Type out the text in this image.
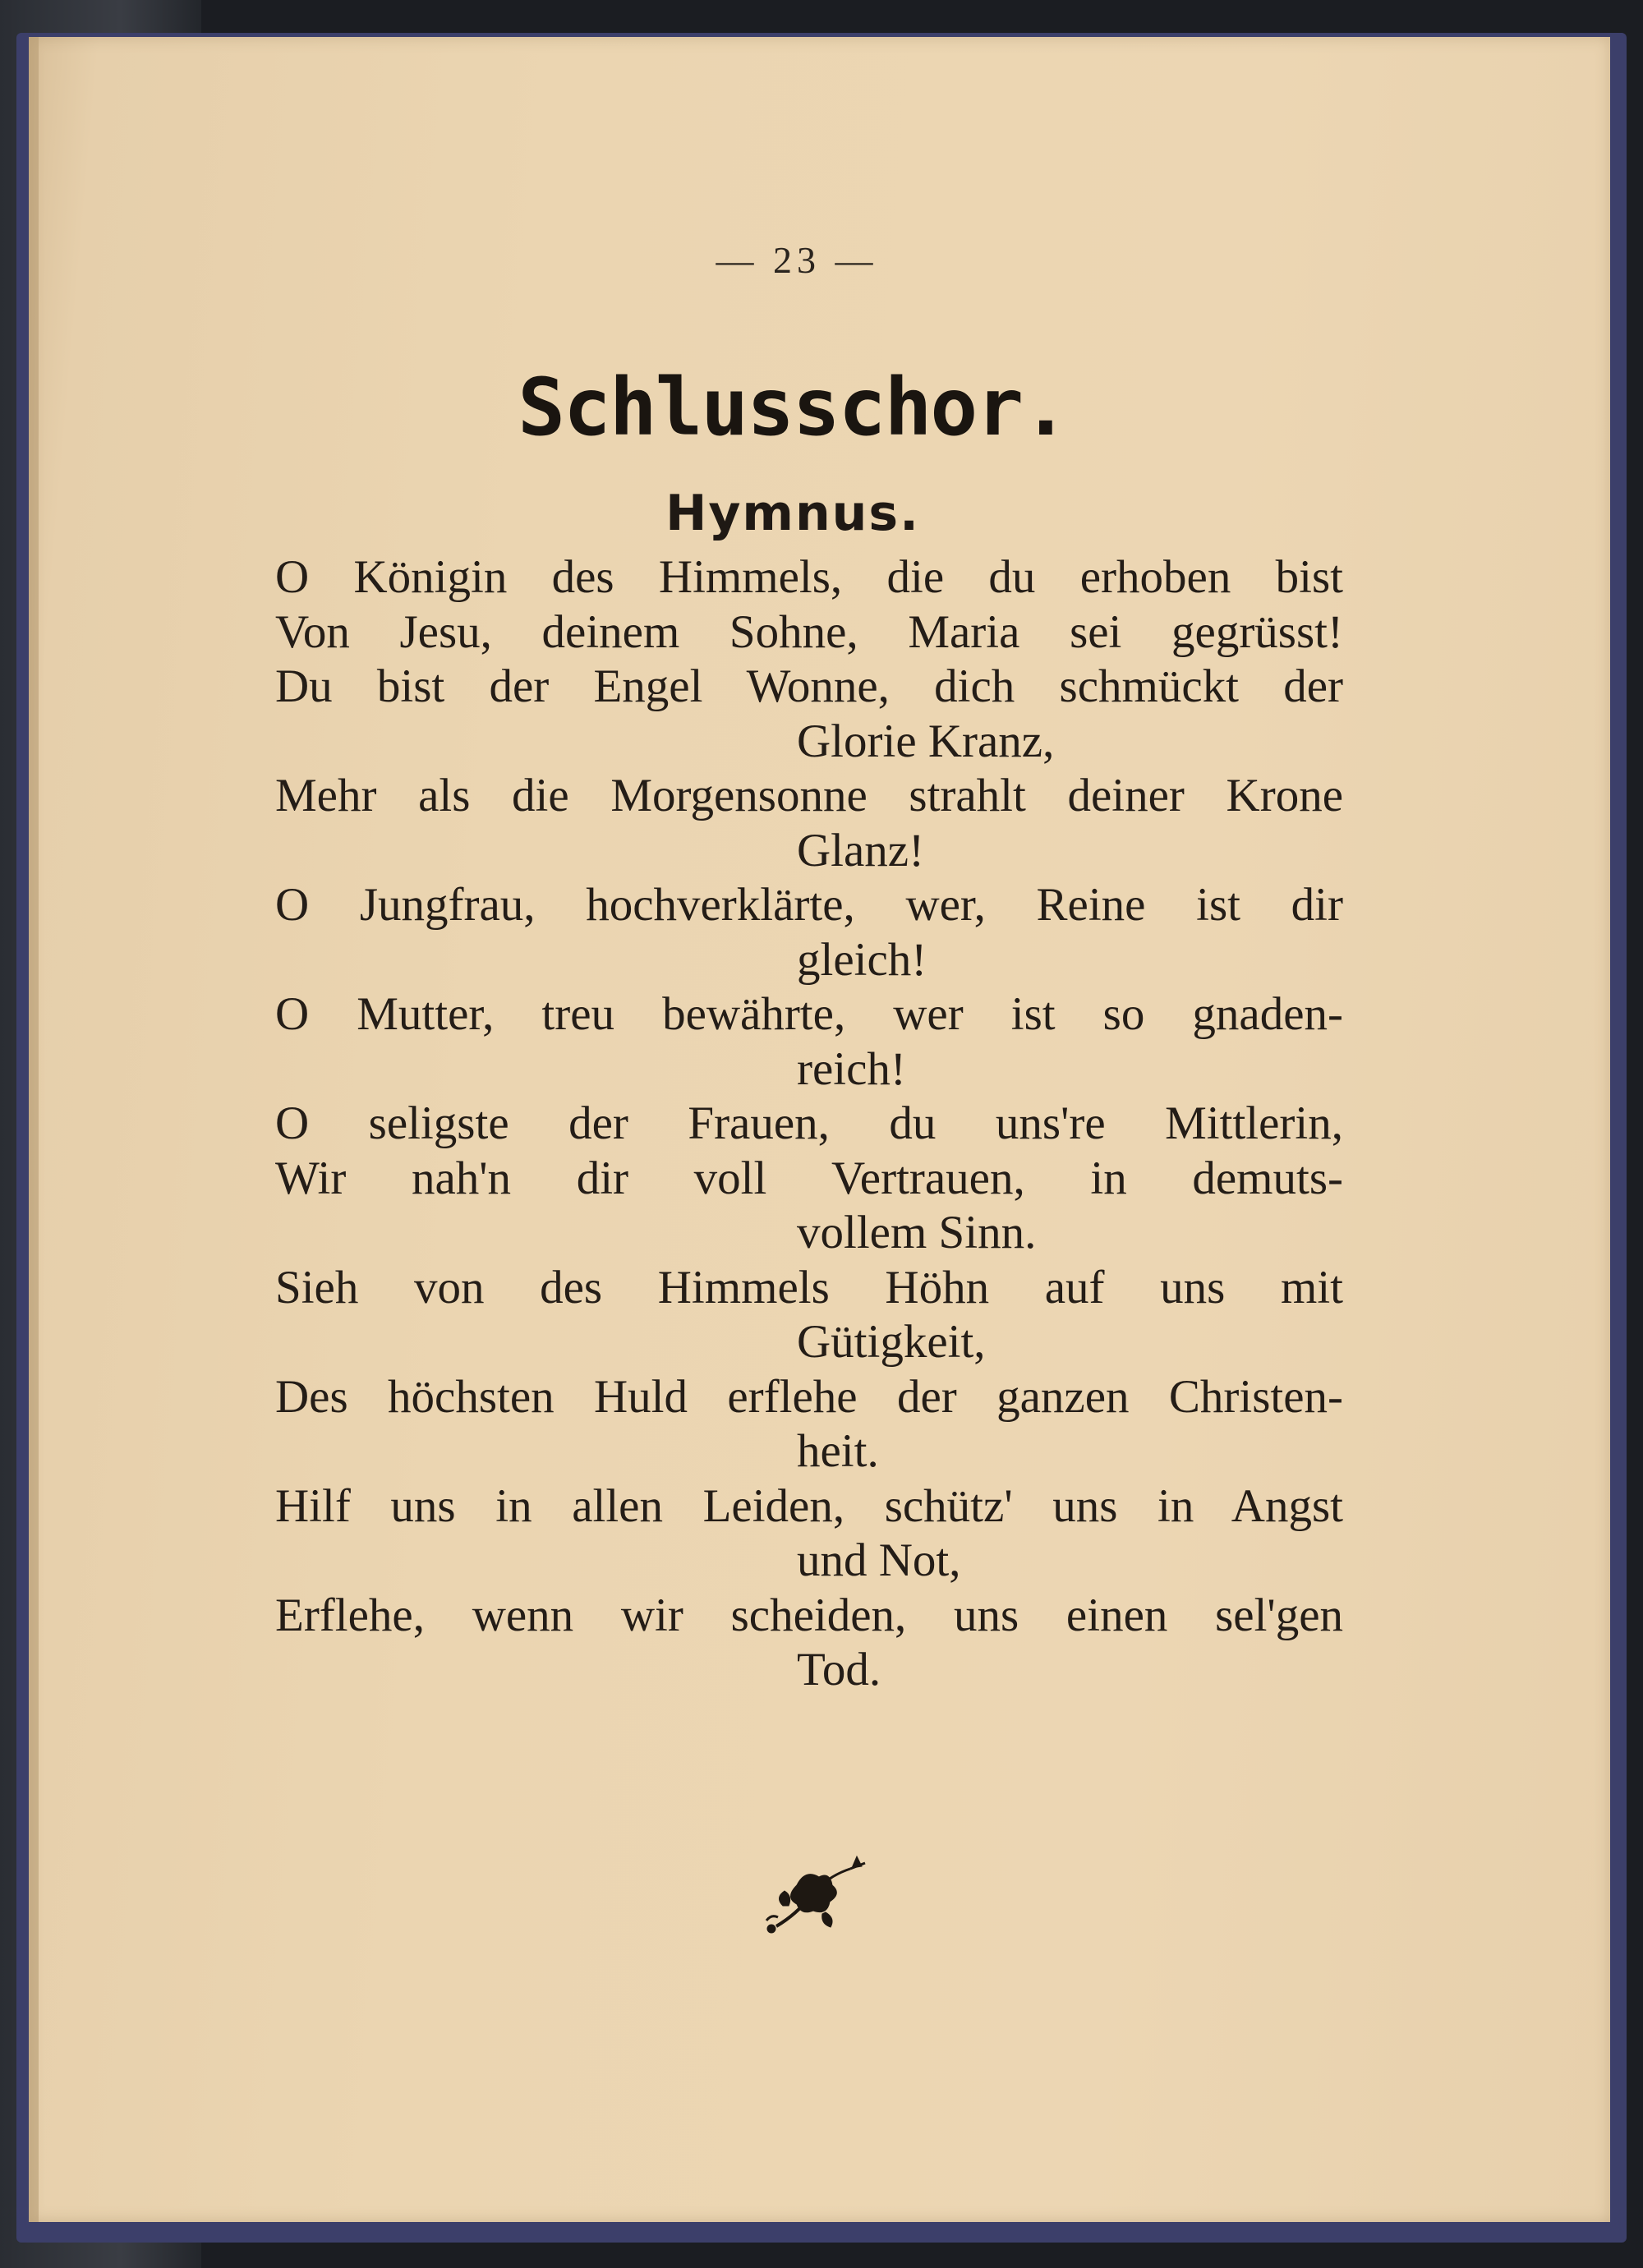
— 23 —
Schlusschor.
Hymnus.
O Königin des Himmels, die du erhoben bist
Von Jesu, deinem Sohne, Maria sei gegrüsst!
Du bist der Engel Wonne, dich schmückt der
Glorie Kranz,
Mehr als die Morgensonne strahlt deiner Krone
Glanz!
O Jungfrau, hochverklärte, wer, Reine ist dir
gleich!
O Mutter, treu bewährte, wer ist so gnaden-
reich!
O seligste der Frauen, du uns're Mittlerin,
Wir nah'n dir voll Vertrauen, in demuts-
vollem Sinn.
Sieh von des Himmels Höhn auf uns mit
Gütigkeit,
Des höchsten Huld erflehe der ganzen Christen-
heit.
Hilf uns in allen Leiden, schütz' uns in Angst
und Not,
Erflehe, wenn wir scheiden, uns einen sel'gen
Tod.
